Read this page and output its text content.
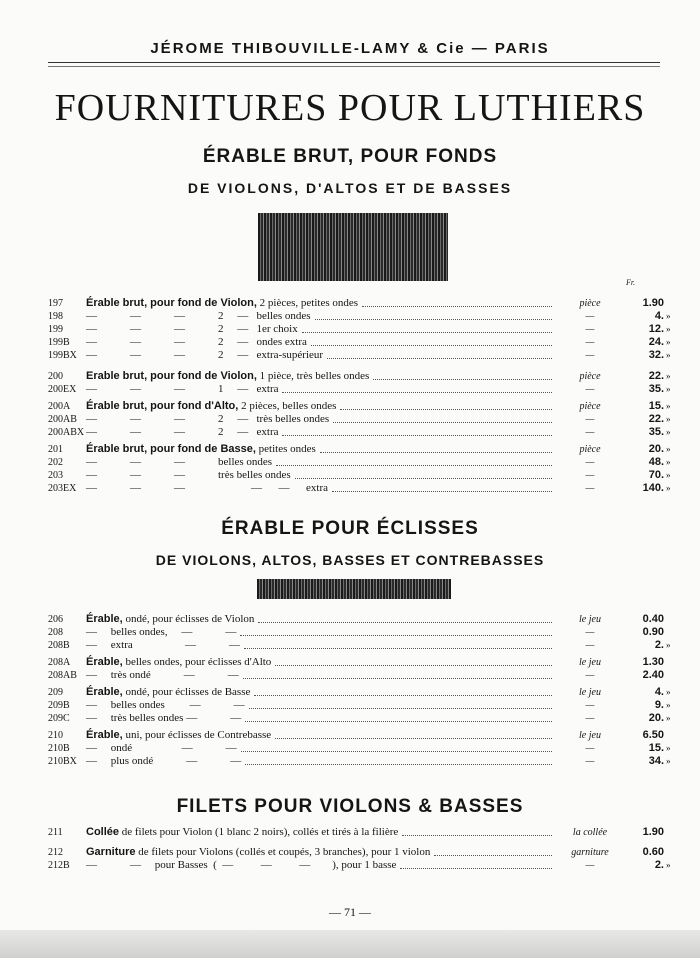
JÉROME THIBOUVILLE-LAMY & Cie — PARIS
FOURNITURES POUR LUTHIERS
ÉRABLE BRUT, POUR FONDS
DE VIOLONS, D'ALTOS ET DE BASSES
Fr.
ÉRABLE POUR ÉCLISSES
DE VIOLONS, ALTOS, BASSES ET CONTREBASSES
FILETS POUR VIOLONS & BASSES
— 71 —
197 Érable brut, pour fond de Violon, 2 pièces, petites ondes	pièce	1.90
198 —            —            —            2     —   belles ondes	—	4. »
199 —            —            —            2     —   1er choix	—	12. »
199B —            —            —            2     —   ondes extra	—	24. »
199BX —            —            —            2     —   extra-supérieur	—	32. »
200 Erable brut, pour fond de Violon, 1 pièce, très belles ondes	pièce	22. »
200EX —            —            —            1     —   extra	—	35. »
200A Érable brut, pour fond d'Alto, 2 pièces, belles ondes	pièce	15. »
200AB —            —            —            2     —   très belles ondes	—	22. »
200ABX —            —            —            2     —   extra	—	35. »
201 Érable brut, pour fond de Basse, petites ondes	pièce	20. »
202 —            —            —            belles ondes	—	48. »
203 —            —            —            très belles ondes	—	70. »
203EX —            —            —                        —      —      extra	—	140. »
206 Érable, ondé, pour éclisses de Violon	le jeu	0.40
208 —     belles ondes,     —            —	—	0.90
208B —     extra                   —            —	—	2. »
208A Érable, belles ondes, pour éclisses d'Alto	le jeu	1.30
208AB —     très ondé            —            —	—	2.40
209 Érable, ondé, pour éclisses de Basse	le jeu	4. »
209B —     belles ondes         —            —	—	9. »
209C —     très belles ondes —            —	—	20. »
210 Érable, uni, pour éclisses de Contrebasse	le jeu	6.50
210B —     ondé                  —            —	—	15. »
210BX —     plus ondé            —            —	—	34. »
211 Collée de filets pour Violon (1 blanc 2 noirs), collés et tirés à la filière	la collée	1.90
212 Garniture de filets pour Violons (collés et coupés, 3 branches), pour 1 violon	garniture	0.60
212B —            —     pour Basses  (  —          —          —        ), pour 1 basse	—	2. »
